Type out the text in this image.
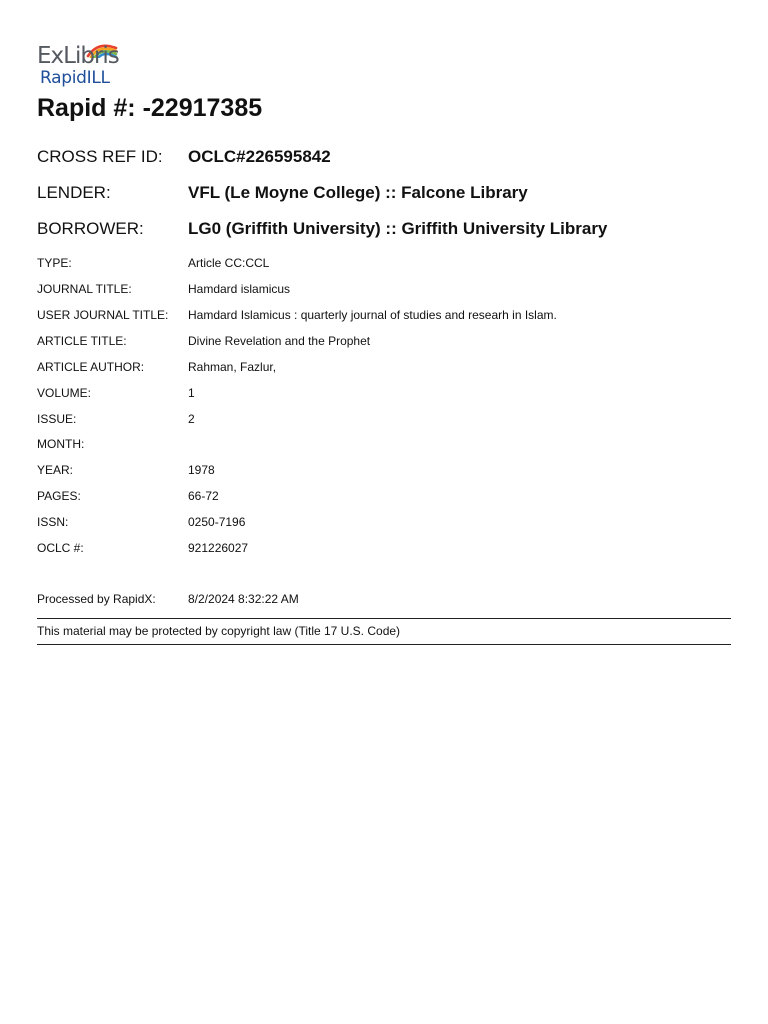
ExLibris
RapidILL
Rapid #: -22917385
CROSS REF ID: OCLC#226595842
LENDER:	VFL (Le Moyne College) :: Falcone Library
BORROWER:	LG0 (Griffith University) :: Griffith University Library
TYPE:	Article CC:CCL
JOURNAL TITLE:	Hamdard islamicus
USER JOURNAL TITLE: Hamdard Islamicus : quarterly journal of studies and researh in Islam.
ARTICLE TITLE:	Divine Revelation and the Prophet
ARTICLE AUTHOR:	Rahman, Fazlur,
VOLUME:	1
ISSUE:	2
MONTH:
YEAR:	1978
PAGES:	66-72
ISSN:	0250-7196
OCLC #:	921226027
Processed by RapidX:	8/2/2024 8:32:22 AM
This material may be protected by copyright law (Title 17 U.S. Code)
